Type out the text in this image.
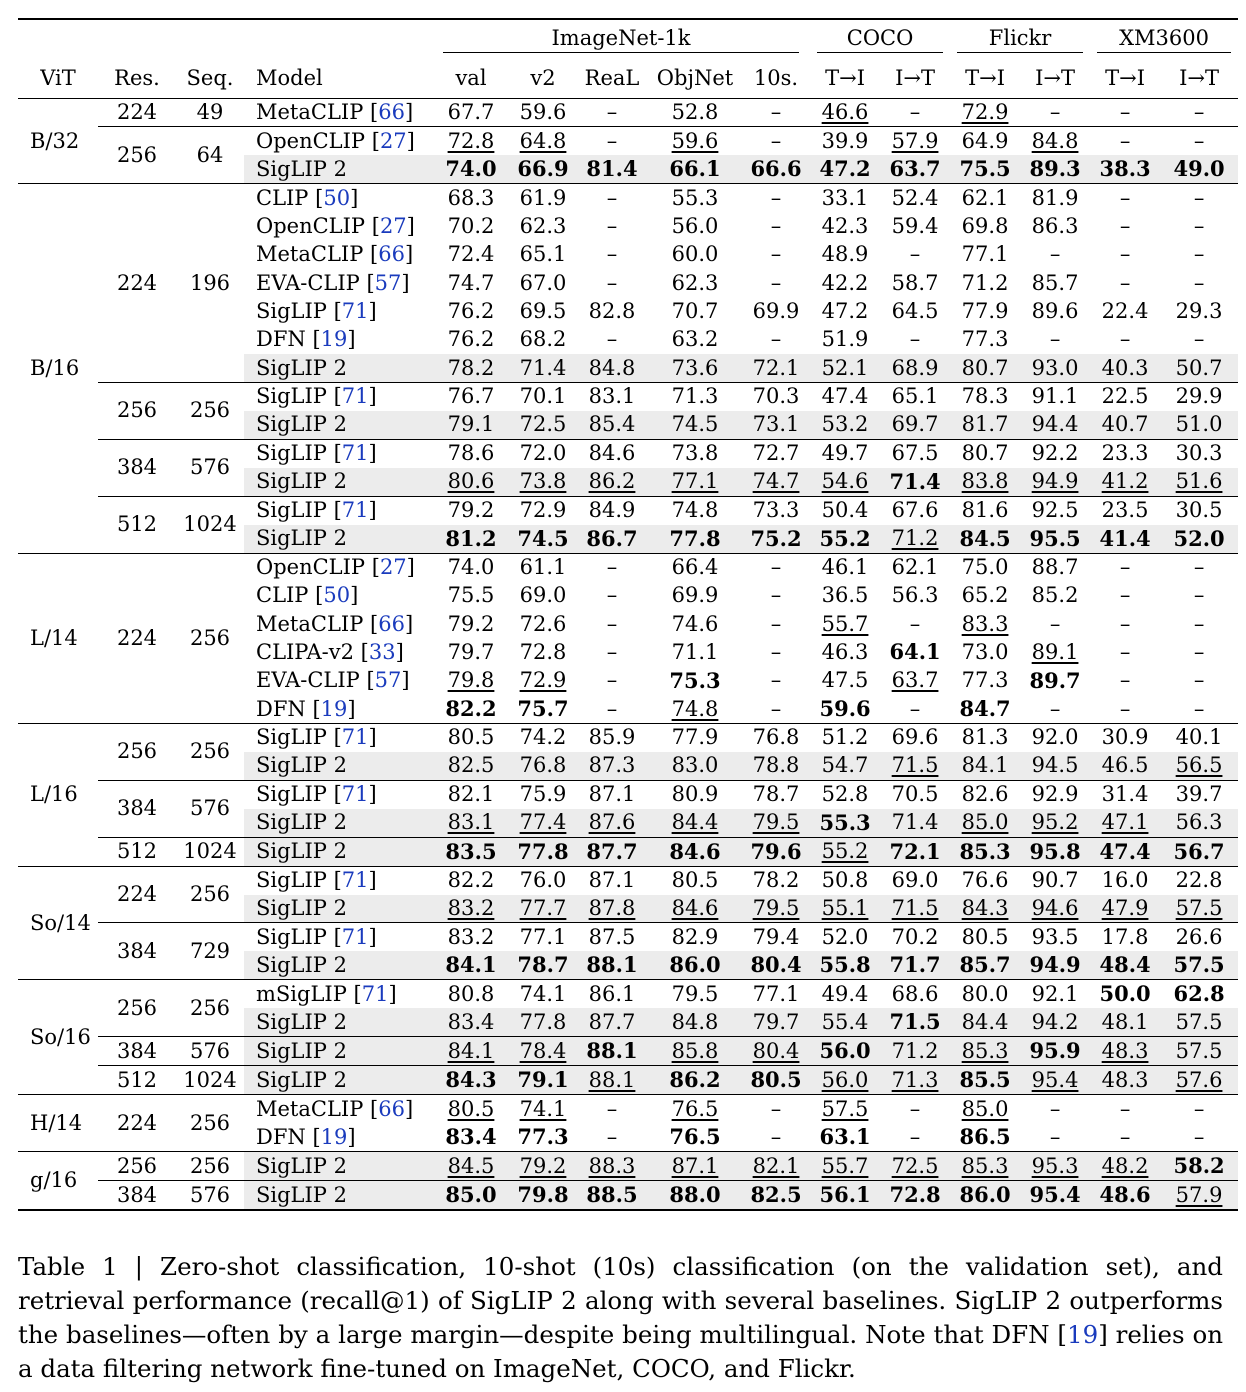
				ImageNet-1k					COCO		Flickr		XM3600	
ViT	Res.	Seq.	Model	val	v2	ReaL	ObjNet	10s.	T→I	I→T	T→I	I→T	T→I	I→T
B/32	224	49	MetaCLIP [66]	67.7	59.6	–	52.8	–	46.6	–	72.9	–	–	–
	256	64	OpenCLIP [27]	72.8	64.8	–	59.6	–	39.9	57.9	64.9	84.8	–	–
			SigLIP 2	74.0	66.9	81.4	66.1	66.6	47.2	63.7	75.5	89.3	38.3	49.0
B/16	224	196	CLIP [50]	68.3	61.9	–	55.3	–	33.1	52.4	62.1	81.9	–	–
			OpenCLIP [27]	70.2	62.3	–	56.0	–	42.3	59.4	69.8	86.3	–	–
			MetaCLIP [66]	72.4	65.1	–	60.0	–	48.9	–	77.1	–	–	–
			EVA-CLIP [57]	74.7	67.0	–	62.3	–	42.2	58.7	71.2	85.7	–	–
			SigLIP [71]	76.2	69.5	82.8	70.7	69.9	47.2	64.5	77.9	89.6	22.4	29.3
			DFN [19]	76.2	68.2	–	63.2	–	51.9	–	77.3	–	–	–
			SigLIP 2	78.2	71.4	84.8	73.6	72.1	52.1	68.9	80.7	93.0	40.3	50.7
	256	256	SigLIP [71]	76.7	70.1	83.1	71.3	70.3	47.4	65.1	78.3	91.1	22.5	29.9
			SigLIP 2	79.1	72.5	85.4	74.5	73.1	53.2	69.7	81.7	94.4	40.7	51.0
	384	576	SigLIP [71]	78.6	72.0	84.6	73.8	72.7	49.7	67.5	80.7	92.2	23.3	30.3
			SigLIP 2	80.6	73.8	86.2	77.1	74.7	54.6	71.4	83.8	94.9	41.2	51.6
	512	1024	SigLIP [71]	79.2	72.9	84.9	74.8	73.3	50.4	67.6	81.6	92.5	23.5	30.5
			SigLIP 2	81.2	74.5	86.7	77.8	75.2	55.2	71.2	84.5	95.5	41.4	52.0
L/14	224	256	OpenCLIP [27]	74.0	61.1	–	66.4	–	46.1	62.1	75.0	88.7	–	–
			CLIP [50]	75.5	69.0	–	69.9	–	36.5	56.3	65.2	85.2	–	–
			MetaCLIP [66]	79.2	72.6	–	74.6	–	55.7	–	83.3	–	–	–
			CLIPA-v2 [33]	79.7	72.8	–	71.1	–	46.3	64.1	73.0	89.1	–	–
			EVA-CLIP [57]	79.8	72.9	–	75.3	–	47.5	63.7	77.3	89.7	–	–
			DFN [19]	82.2	75.7	–	74.8	–	59.6	–	84.7	–	–	–
L/16	256	256	SigLIP [71]	80.5	74.2	85.9	77.9	76.8	51.2	69.6	81.3	92.0	30.9	40.1
			SigLIP 2	82.5	76.8	87.3	83.0	78.8	54.7	71.5	84.1	94.5	46.5	56.5
	384	576	SigLIP [71]	82.1	75.9	87.1	80.9	78.7	52.8	70.5	82.6	92.9	31.4	39.7
			SigLIP 2	83.1	77.4	87.6	84.4	79.5	55.3	71.4	85.0	95.2	47.1	56.3
	512	1024	SigLIP 2	83.5	77.8	87.7	84.6	79.6	55.2	72.1	85.3	95.8	47.4	56.7
So/14	224	256	SigLIP [71]	82.2	76.0	87.1	80.5	78.2	50.8	69.0	76.6	90.7	16.0	22.8
			SigLIP 2	83.2	77.7	87.8	84.6	79.5	55.1	71.5	84.3	94.6	47.9	57.5
	384	729	SigLIP [71]	83.2	77.1	87.5	82.9	79.4	52.0	70.2	80.5	93.5	17.8	26.6
			SigLIP 2	84.1	78.7	88.1	86.0	80.4	55.8	71.7	85.7	94.9	48.4	57.5
So/16	256	256	mSigLIP [71]	80.8	74.1	86.1	79.5	77.1	49.4	68.6	80.0	92.1	50.0	62.8
			SigLIP 2	83.4	77.8	87.7	84.8	79.7	55.4	71.5	84.4	94.2	48.1	57.5
	384	576	SigLIP 2	84.1	78.4	88.1	85.8	80.4	56.0	71.2	85.3	95.9	48.3	57.5
	512	1024	SigLIP 2	84.3	79.1	88.1	86.2	80.5	56.0	71.3	85.5	95.4	48.3	57.6
H/14	224	256	MetaCLIP [66]	80.5	74.1	–	76.5	–	57.5	–	85.0	–	–	–
			DFN [19]	83.4	77.3	–	76.5	–	63.1	–	86.5	–	–	–
g/16	256	256	SigLIP 2	84.5	79.2	88.3	87.1	82.1	55.7	72.5	85.3	95.3	48.2	58.2
	384	576	SigLIP 2	85.0	79.8	88.5	88.0	82.5	56.1	72.8	86.0	95.4	48.6	57.9
Table 1 | Zero-shot classification, 10-shot (10s) classification (on the validation set), and retrieval performance (recall@1) of SigLIP 2 along with several baselines. SigLIP 2 outperforms the baselines—often by a large margin—despite being multilingual. Note that DFN [19] relies on a data filtering network fine-tuned on ImageNet, COCO, and Flickr.
